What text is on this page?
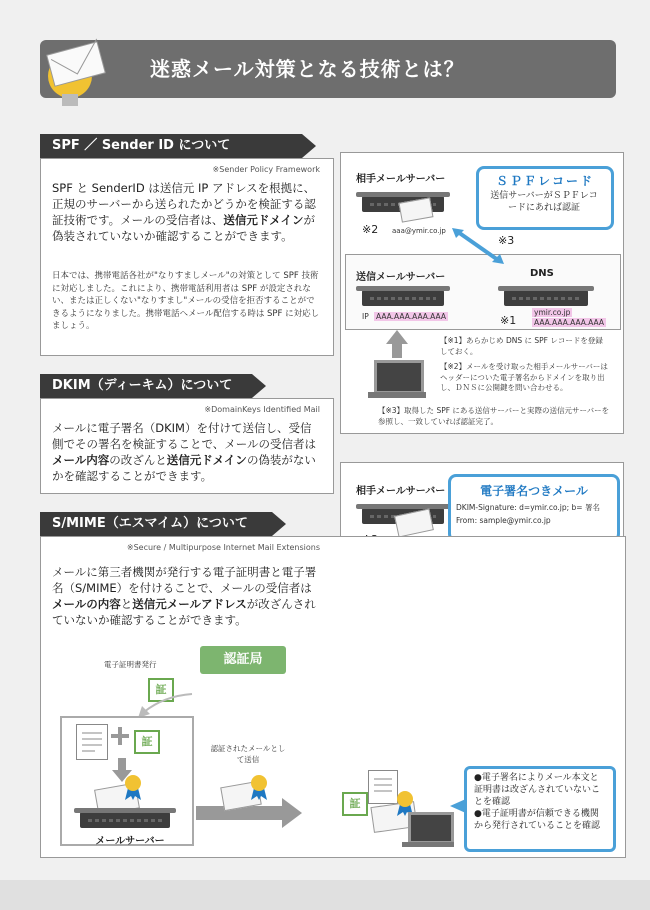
迷惑メール対策となる技術とは？
SPF ／ Sender ID について
※Sender Policy Framework
SPF と SenderID は送信元 IP アドレスを根拠に、正規のサーバーから送られたかどうかを検証する認証技術です。メールの受信者は、送信元ドメインが偽装されていないか確認することができます。
日本では、携帯電話各社が"なりすましメール"の対策として SPF 技術に対応しました。これにより、携帯電話利用者は SPF が設定されない、または正しくない"なりすまし"メールの受信を拒否することができるようになりました。携帯電話へメール配信する時は SPF に対応しましょう。
相手メールサーバー
※2 aaa@ymir.co.jp
ＳＰＦレコード
送信サーバーがＳＰＦレコードにあれば認証
※3
送信メールサーバー
IP AAA.AAA.AAA.AAA
DNS
※1
ymir.co.jp
AAA.AAA.AAA.AAA
【※1】あらかじめ DNS に SPF レコードを登録しておく。
【※2】メールを受け取った相手メールサーバーはヘッダーについた電子署名からドメインを取り出し、ＤＮＳに公開鍵を問い合わせる。
【※3】取得した SPF にある送信サーバーと実際の送信元サーバーを参照し、一致していれば認証完了。
DKIM（ディーキム）について
※DomainKeys Identified Mail
メールに電子署名（DKIM）を付けて送信し、受信側でその署名を検証することで、メールの受信者はメール内容の改ざんと送信元ドメインの偽装がないかを確認することができます。
相手メールサーバー	電子署名つきメール
DKIM-Signature: d=ymir.co.jp; b= 署名
From: sample@ymir.co.jp
S/MIME（エスマイム）について
※Secure / Multipurpose Internet Mail Extensions
メールに第三者機関が発行する電子証明書と電子署名（S/MIME）を付けることで、メールの受信者はメールの内容と送信元メールアドレスが改ざんされていないか確認することができます。
電子証明書発行	認証局
証
証
メールサーバー
認証されたメールとして送信
証
●電子署名によりメール本文と証明書は改ざんされていないことを確認
●電子証明書が信頼できる機関から発行されていることを確認
